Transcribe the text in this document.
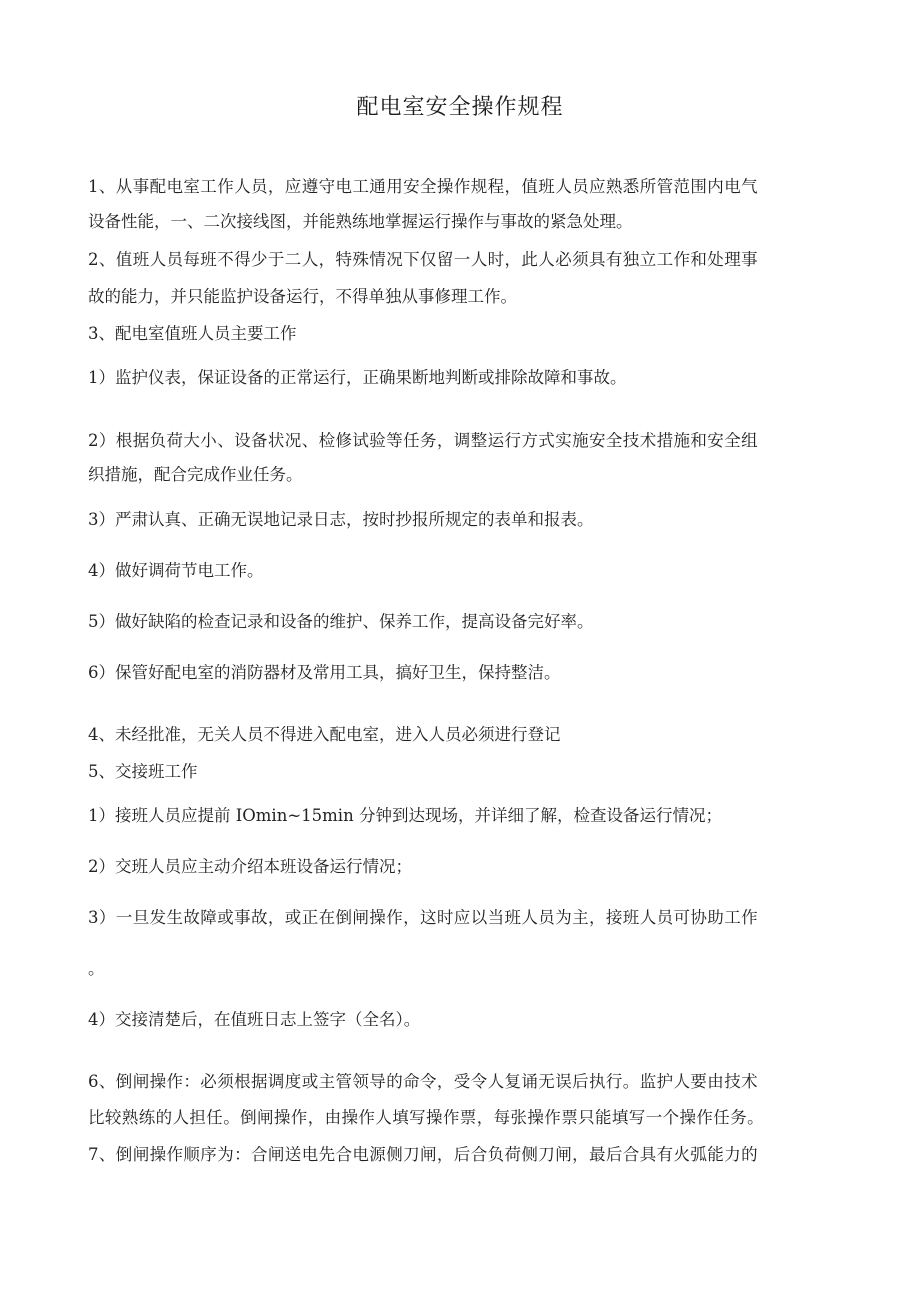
配电室安全操作规程
1、从事配电室工作人员，应遵守电工通用安全操作规程，值班人员应熟悉所管范围内电气
设备性能，一、二次接线图，并能熟练地掌握运行操作与事故的紧急处理。
2、值班人员每班不得少于二人，特殊情况下仅留一人时，此人必须具有独立工作和处理事
故的能力，并只能监护设备运行，不得单独从事修理工作。
3、配电室值班人员主要工作
1）监护仪表，保证设备的正常运行，正确果断地判断或排除故障和事故。
2）根据负荷大小、设备状况、检修试验等任务，调整运行方式实施安全技术措施和安全组
织措施，配合完成作业任务。
3）严肃认真、正确无误地记录日志，按时抄报所规定的表单和报表。
4）做好调荷节电工作。
5）做好缺陷的检查记录和设备的维护、保养工作，提高设备完好率。
6）保管好配电室的消防器材及常用工具，搞好卫生，保持整洁。
4、未经批准，无关人员不得进入配电室，进入人员必须进行登记
5、交接班工作
1）接班人员应提前 IOmin~15min 分钟到达现场，并详细了解，检查设备运行情况；
2）交班人员应主动介绍本班设备运行情况；
3）一旦发生故障或事故，或正在倒闸操作，这时应以当班人员为主，接班人员可协助工作
。
4）交接清楚后，在值班日志上签字（全名）。
6、倒闸操作：必须根据调度或主管领导的命令，受令人复诵无误后执行。监护人要由技术
比较熟练的人担任。倒闸操作，由操作人填写操作票，每张操作票只能填写一个操作任务。
7、倒闸操作顺序为：合闸送电先合电源侧刀闸，后合负荷侧刀闸，最后合具有火弧能力的
